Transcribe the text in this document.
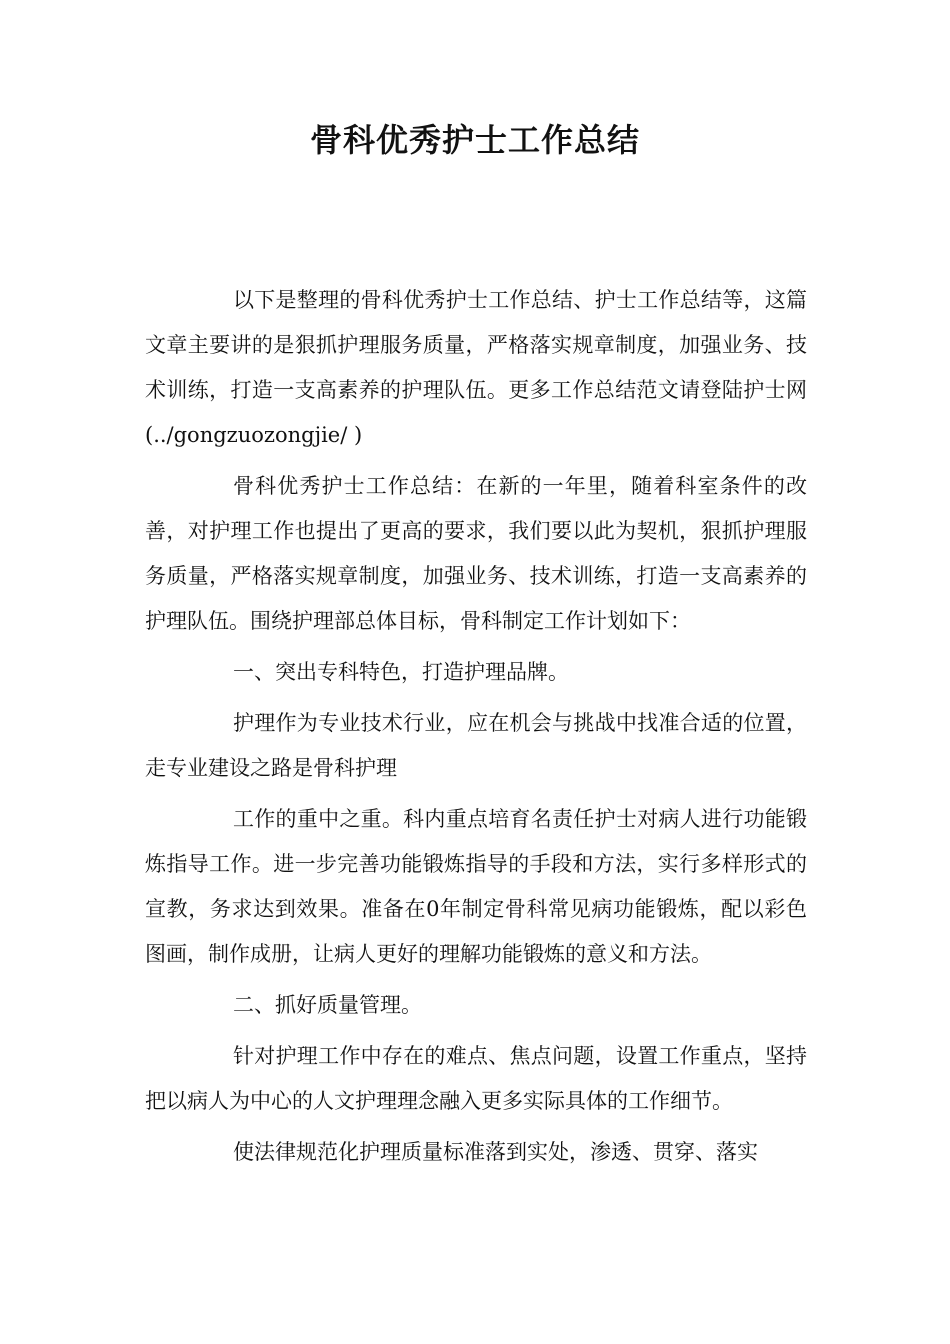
骨科优秀护士工作总结

以下是整理的骨科优秀护士工作总结、护士工作总结等，这篇文章主要讲的是狠抓护理服务质量，严格落实规章制度，加强业务、技术训练，打造一支高素养的护理队伍。更多工作总结范文请登陆护士网(../gongzuozongjie/ )

骨科优秀护士工作总结：在新的一年里，随着科室条件的改善，对护理工作也提出了更高的要求，我们要以此为契机，狠抓护理服务质量，严格落实规章制度，加强业务、技术训练，打造一支高素养的护理队伍。围绕护理部总体目标，骨科制定工作计划如下：

一、突出专科特色，打造护理品牌。

护理作为专业技术行业，应在机会与挑战中找准合适的位置，走专业建设之路是骨科护理

工作的重中之重。科内重点培育名责任护士对病人进行功能锻炼指导工作。进一步完善功能锻炼指导的手段和方法，实行多样形式的宣教，务求达到效果。准备在0年制定骨科常见病功能锻炼，配以彩色图画，制作成册，让病人更好的理解功能锻炼的意义和方法。

二、抓好质量管理。

针对护理工作中存在的难点、焦点问题，设置工作重点，坚持把以病人为中心的人文护理理念融入更多实际具体的工作细节。

使法律规范化护理质量标准落到实处，渗透、贯穿、落实
